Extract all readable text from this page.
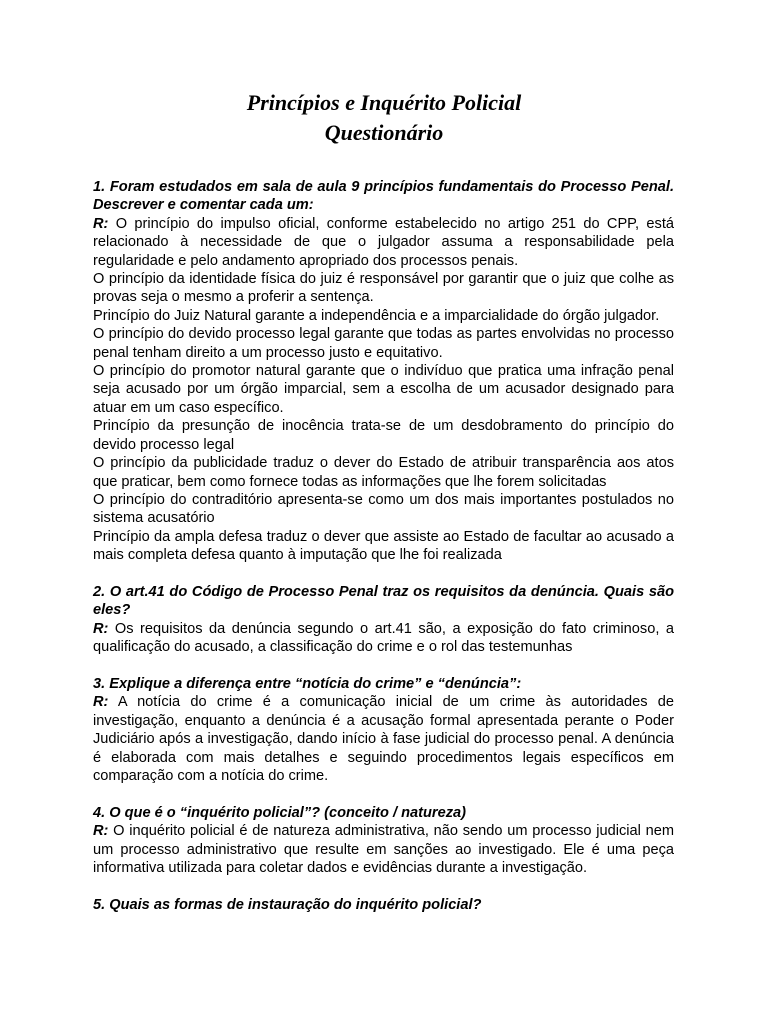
Princípios e Inquérito Policial
Questionário

1. Foram estudados em sala de aula 9 princípios fundamentais do Processo Penal. Descrever e comentar cada um:

R: O princípio do impulso oficial, conforme estabelecido no artigo 251 do CPP, está relacionado à necessidade de que o julgador assuma a responsabilidade pela regularidade e pelo andamento apropriado dos processos penais.

O princípio da identidade física do juiz é responsável por garantir que o juiz que colhe as provas seja o mesmo a proferir a sentença.

Princípio do Juiz Natural garante a independência e a imparcialidade do órgão julgador.

O princípio do devido processo legal garante que todas as partes envolvidas no processo penal tenham direito a um processo justo e equitativo.

O princípio do promotor natural garante que o indivíduo que pratica uma infração penal seja acusado por um órgão imparcial, sem a escolha de um acusador designado para atuar em um caso específico.

Princípio da presunção de inocência trata-se de um desdobramento do princípio do devido processo legal

O princípio da publicidade traduz o dever do Estado de atribuir transparência aos atos que praticar, bem como fornece todas as informações que lhe forem solicitadas

O princípio do contraditório apresenta-se como um dos mais importantes postulados no sistema acusatório

Princípio da ampla defesa traduz o dever que assiste ao Estado de facultar ao acusado a mais completa defesa quanto à imputação que lhe foi realizada

2. O art.41 do Código de Processo Penal traz os requisitos da denúncia. Quais são eles?

R: Os requisitos da denúncia segundo o art.41 são, a exposição do fato criminoso, a qualificação do acusado, a classificação do crime e o rol das testemunhas

3. Explique a diferença entre “notícia do crime” e “denúncia”:

R: A notícia do crime é a comunicação inicial de um crime às autoridades de investigação, enquanto a denúncia é a acusação formal apresentada perante o Poder Judiciário após a investigação, dando início à fase judicial do processo penal. A denúncia é elaborada com mais detalhes e seguindo procedimentos legais específicos em comparação com a notícia do crime.

4. O que é o “inquérito policial”? (conceito / natureza)

R: O inquérito policial é de natureza administrativa, não sendo um processo judicial nem um processo administrativo que resulte em sanções ao investigado. Ele é uma peça informativa utilizada para coletar dados e evidências durante a investigação.

5. Quais as formas de instauração do inquérito policial?
